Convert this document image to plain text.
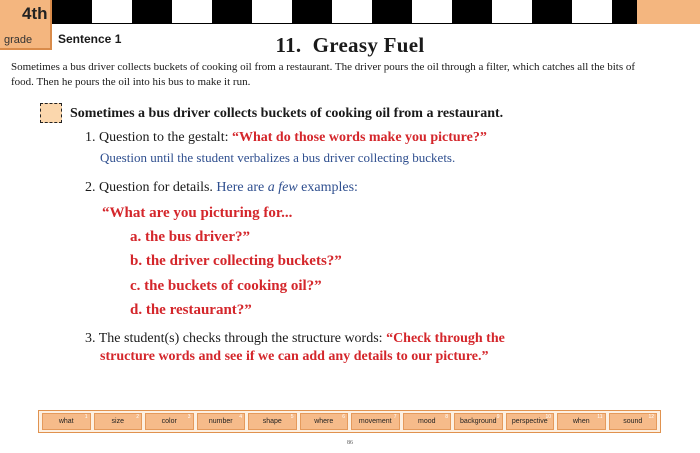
4th
grade Sentence 1	11. Greasy Fuel

Sometimes a bus driver collects buckets of cooking oil from a restaurant. The driver pours the oil through a filter, which catches all the bits of food. Then he pours the oil into his bus to make it run.

Sometimes a bus driver collects buckets of cooking oil from a restaurant.
1. Question to the gestalt: “What do those words make you picture?”
Question until the student verbalizes a bus driver collecting buckets.
2. Question for details. Here are a few examples:
“What are you picturing for...
a. the bus driver?”
b. the driver collecting buckets?”
c. the buckets of cooking oil?”
d. the restaurant?”
3. The student(s) checks through the structure words: “Check through the
structure words and see if we can add any details to our picture.”
what
1
size
2
color
3
number
4
shape
5
where
6
movement
7
mood
8
background
9
perspective
10
when
11
sound
12
86
